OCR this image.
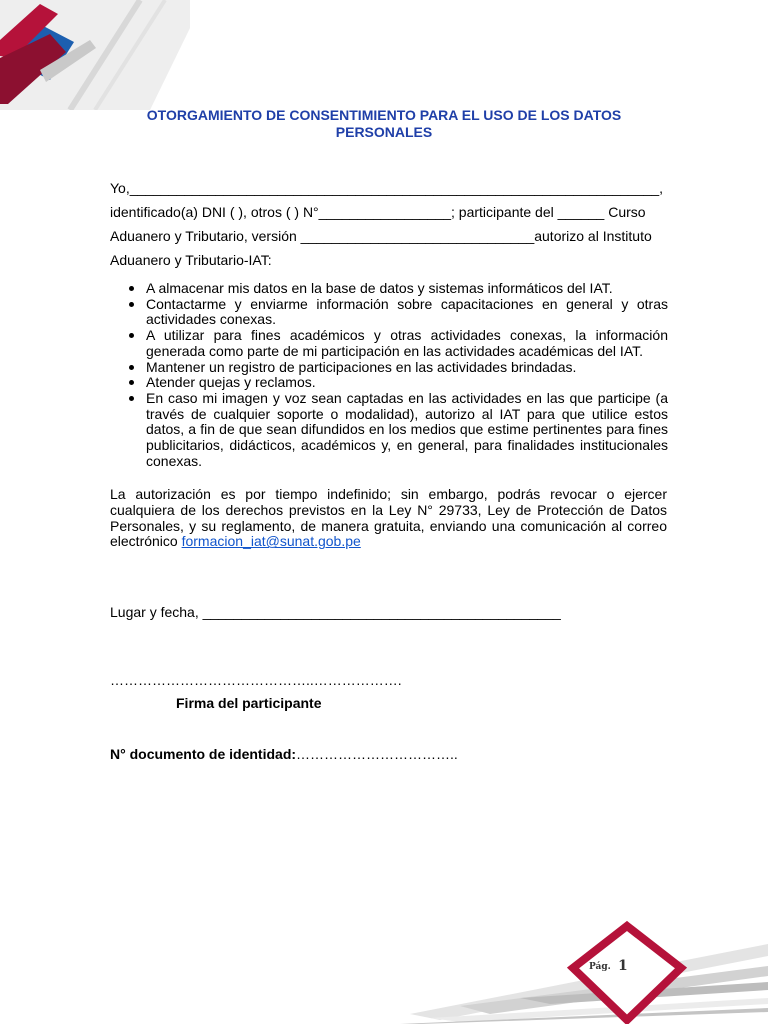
OTORGAMIENTO DE CONSENTIMIENTO PARA EL USO DE LOS DATOS PERSONALES
Yo,____________________________________________________________________,
identificado(a) DNI ( ), otros ( ) N°_________________; participante del ______ Curso
Aduanero y Tributario, versión ______________________________autorizo al Instituto
Aduanero y Tributario-IAT:
A almacenar mis datos en la base de datos y sistemas informáticos del IAT.
Contactarme y enviarme información sobre capacitaciones en general y otras actividades conexas.
A utilizar para fines académicos y otras actividades conexas, la información generada como parte de mi participación en las actividades académicas del IAT.
Mantener un registro de participaciones en las actividades brindadas.
Atender quejas y reclamos.
En caso mi imagen y voz sean captadas en las actividades en las que participe (a través de cualquier soporte o modalidad), autorizo al IAT para que utilice estos datos, a fin de que sean difundidos en los medios que estime pertinentes para fines publicitarios, didácticos, académicos y, en general, para finalidades institucionales conexas.
La autorización es por tiempo indefinido; sin embargo, podrás revocar o ejercer cualquiera de los derechos previstos en la Ley N° 29733, Ley de Protección de Datos Personales, y su reglamento, de manera gratuita, enviando una comunicación al correo electrónico formacion_iat@sunat.gob.pe
Lugar y fecha, ______________________________________________
……………………………………..……………….
Firma del participante
N° documento de identidad:……………………………..
Pág. 1
